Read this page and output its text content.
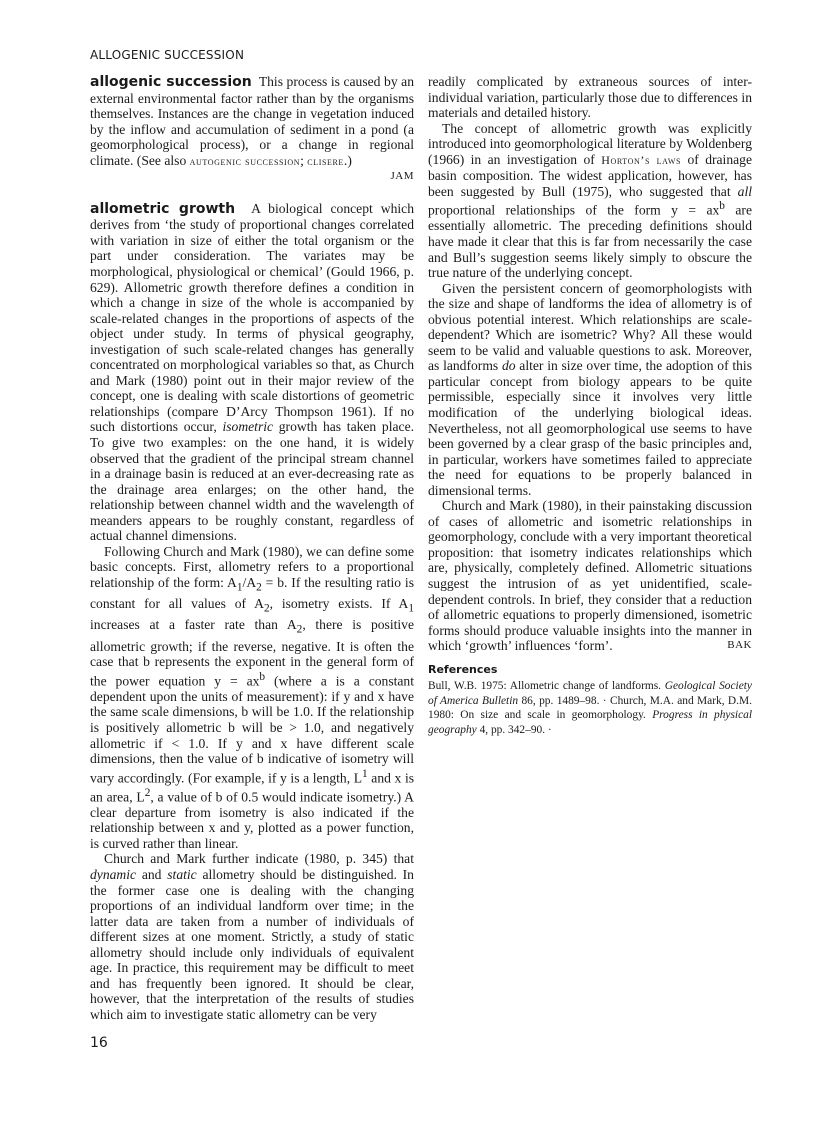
ALLOGENIC SUCCESSION

allogenic succession This process is caused by an external environmental factor rather than by the organisms themselves. Instances are the change in vegetation induced by the inflow and accumulation of sediment in a pond (a geomorphological process), or a change in regional climate. (See also autogenic succession; clisere.)
JAM

allometric growth A biological concept which derives from ‘the study of proportional changes correlated with variation in size of either the total organism or the part under consideration. The variates may be morphological, physiological or chemical’ (Gould 1966, p. 629). Allometric growth therefore defines a condition in which a change in size of the whole is accompanied by scale-related changes in the proportions of aspects of the object under study. In terms of physical geography, investigation of such scale-related changes has generally concentrated on morphological variables so that, as Church and Mark (1980) point out in their major review of the concept, one is dealing with scale distortions of geometric relationships (compare D’Arcy Thompson 1961). If no such distortions occur, isometric growth has taken place. To give two examples: on the one hand, it is widely observed that the gradient of the principal stream channel in a drainage basin is reduced at an ever-decreasing rate as the drainage area enlarges; on the other hand, the relationship between channel width and the wavelength of meanders appears to be roughly constant, regardless of actual channel dimensions.

Following Church and Mark (1980), we can define some basic concepts. First, allometry refers to a proportional relationship of the form: $A_1/A_2 = b$. If the resulting ratio is constant for all values of $A_2$, isometry exists. If $A_1$ increases at a faster rate than $A_2$, there is positive allometric growth; if the reverse, negative. It is often the case that b represents the exponent in the general form of the power equation $y = ax^b$ (where a is a constant dependent upon the units of measurement): if y and x have the same scale dimensions, b will be 1.0. If the relationship is positively allometric b will be > 1.0, and negatively allometric if < 1.0. If y and x have different scale dimensions, then the value of b indicative of isometry will vary accordingly. (For example, if y is a length, $L^1$ and x is an area, $L^2$, a value of b of 0.5 would indicate isometry.) A clear departure from isometry is also indicated if the relationship between x and y, plotted as a power function, is curved rather than linear.

Church and Mark further indicate (1980, p. 345) that dynamic and static allometry should be distinguished. In the former case one is dealing with the changing proportions of an individual landform over time; in the latter data are taken from a number of individuals of different sizes at one moment. Strictly, a study of static allometry should include only individuals of equivalent age. In practice, this requirement may be difficult to meet and has frequently been ignored. It should be clear, however, that the interpretation of the results of studies which aim to investigate static allometry can be very

readily complicated by extraneous sources of inter-individual variation, particularly those due to differences in materials and detailed history.

The concept of allometric growth was explicitly introduced into geomorphological literature by Woldenberg (1966) in an investigation of Horton’s laws of drainage basin composition. The widest application, however, has been suggested by Bull (1975), who suggested that all proportional relationships of the form $y = ax^b$ are essentially allometric. The preceding definitions should have made it clear that this is far from necessarily the case and Bull’s suggestion seems likely simply to obscure the true nature of the underlying concept.

Given the persistent concern of geomorphologists with the size and shape of landforms the idea of allometry is of obvious potential interest. Which relationships are scale-dependent? Which are isometric? Why? All these would seem to be valid and valuable questions to ask. Moreover, as landforms do alter in size over time, the adoption of this particular concept from biology appears to be quite permissible, especially since it involves very little modification of the underlying biological ideas. Nevertheless, not all geomorphological use seems to have been governed by a clear grasp of the basic principles and, in particular, workers have sometimes failed to appreciate the need for equations to be properly balanced in dimensional terms.

Church and Mark (1980), in their painstaking discussion of cases of allometric and isometric relationships in geomorphology, conclude with a very important theoretical proposition: that isometry indicates relationships which are, physically, completely defined. Allometric situations suggest the intrusion of as yet unidentified, scale-dependent controls. In brief, they consider that a reduction of allometric equations to properly dimensioned, isometric forms should produce valuable insights into the manner in which ‘growth’ influences ‘form’.	BAK

References

Bull, W.B. 1975: Allometric change of landforms. Geological Society of America Bulletin 86, pp. 1489–98. · Church, M.A. and Mark, D.M. 1980: On size and scale in geomorphology. Progress in physical geography 4, pp. 342–90. ·

16
